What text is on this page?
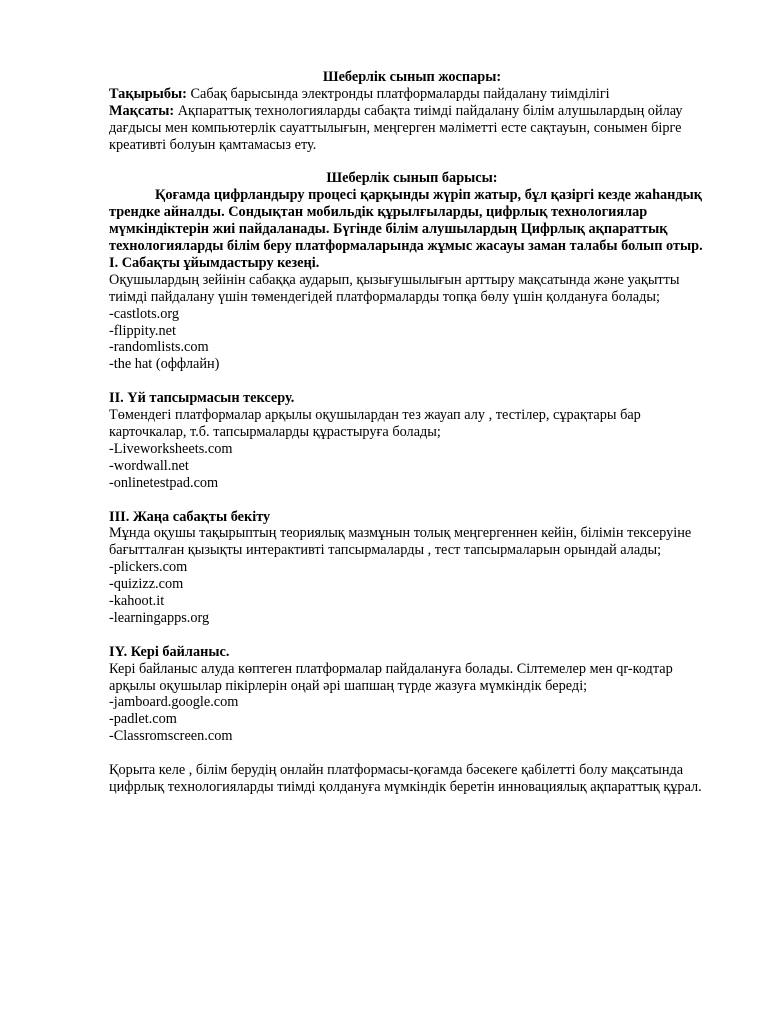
Шеберлік сынып жоспары:

Тақырыбы: Сабақ барысында электронды платформаларды пайдалану тиімділігі

Мақсаты: Ақпараттық технологияларды сабақта тиімді пайдалану білім алушылардың ойлау дағдысы мен компьютерлік сауаттылығын, меңгерген мәліметті есте сақтауын, сонымен бірге креативті болуын қамтамасыз ету.

Шеберлік сынып барысы:

Қоғамда цифрландыру процесі қарқынды жүріп жатыр, бұл қазіргі кезде жаһандық трендке айналды. Сондықтан мобильдік құрылғыларды, цифрлық технологиялар мүмкіндіктерін жиі пайдаланады. Бүгінде білім алушылардың Цифрлық ақпараттық технологияларды білім беру платформаларында жұмыс жасауы заман талабы болып отыр.

I. Сабақты ұйымдастыру кезеңі.

Оқушылардың зейінін сабаққа аударып, қызығушылығын арттыру мақсатында және уақытты тиімді пайдалану үшін төмендегідей платформаларды топқа бөлу үшін қолдануға болады;

-castlots.org
-flippity.net
-randomlists.com
-the hat (оффлайн)

II. Үй тапсырмасын тексеру.

Төмендегі платформалар арқылы оқушылардан тез жауап алу , тестілер, сұрақтары бар карточкалар, т.б. тапсырмаларды құрастыруға болады;

-Liveworksheets.com
-wordwall.net
-onlinetestpad.com

III. Жаңа сабақты бекіту

Мұнда оқушы тақырыптың теориялық мазмұнын толық меңгергеннен кейін, білімін тексеруіне бағытталған қызықты интерактивті тапсырмаларды , тест тапсырмаларын орындай алады;

-plickers.com
-quizizz.com
-kahoot.it
-learningapps.org

IY. Кері байланыс.

Кері байланыс алуда көптеген платформалар пайдалануға болады. Сілтемелер мен qr-кодтар арқылы оқушылар пікірлерін оңай әрі шапшаң түрде жазуға мүмкіндік береді;

-jamboard.google.com
-padlet.com
-Classromscreen.com

Қорыта келе , білім берудің онлайн платформасы-қоғамда бәсекеге қабілетті болу мақсатында цифрлық технологияларды тиімді қолдануға мүмкіндік беретін инновациялық ақпараттық құрал.
